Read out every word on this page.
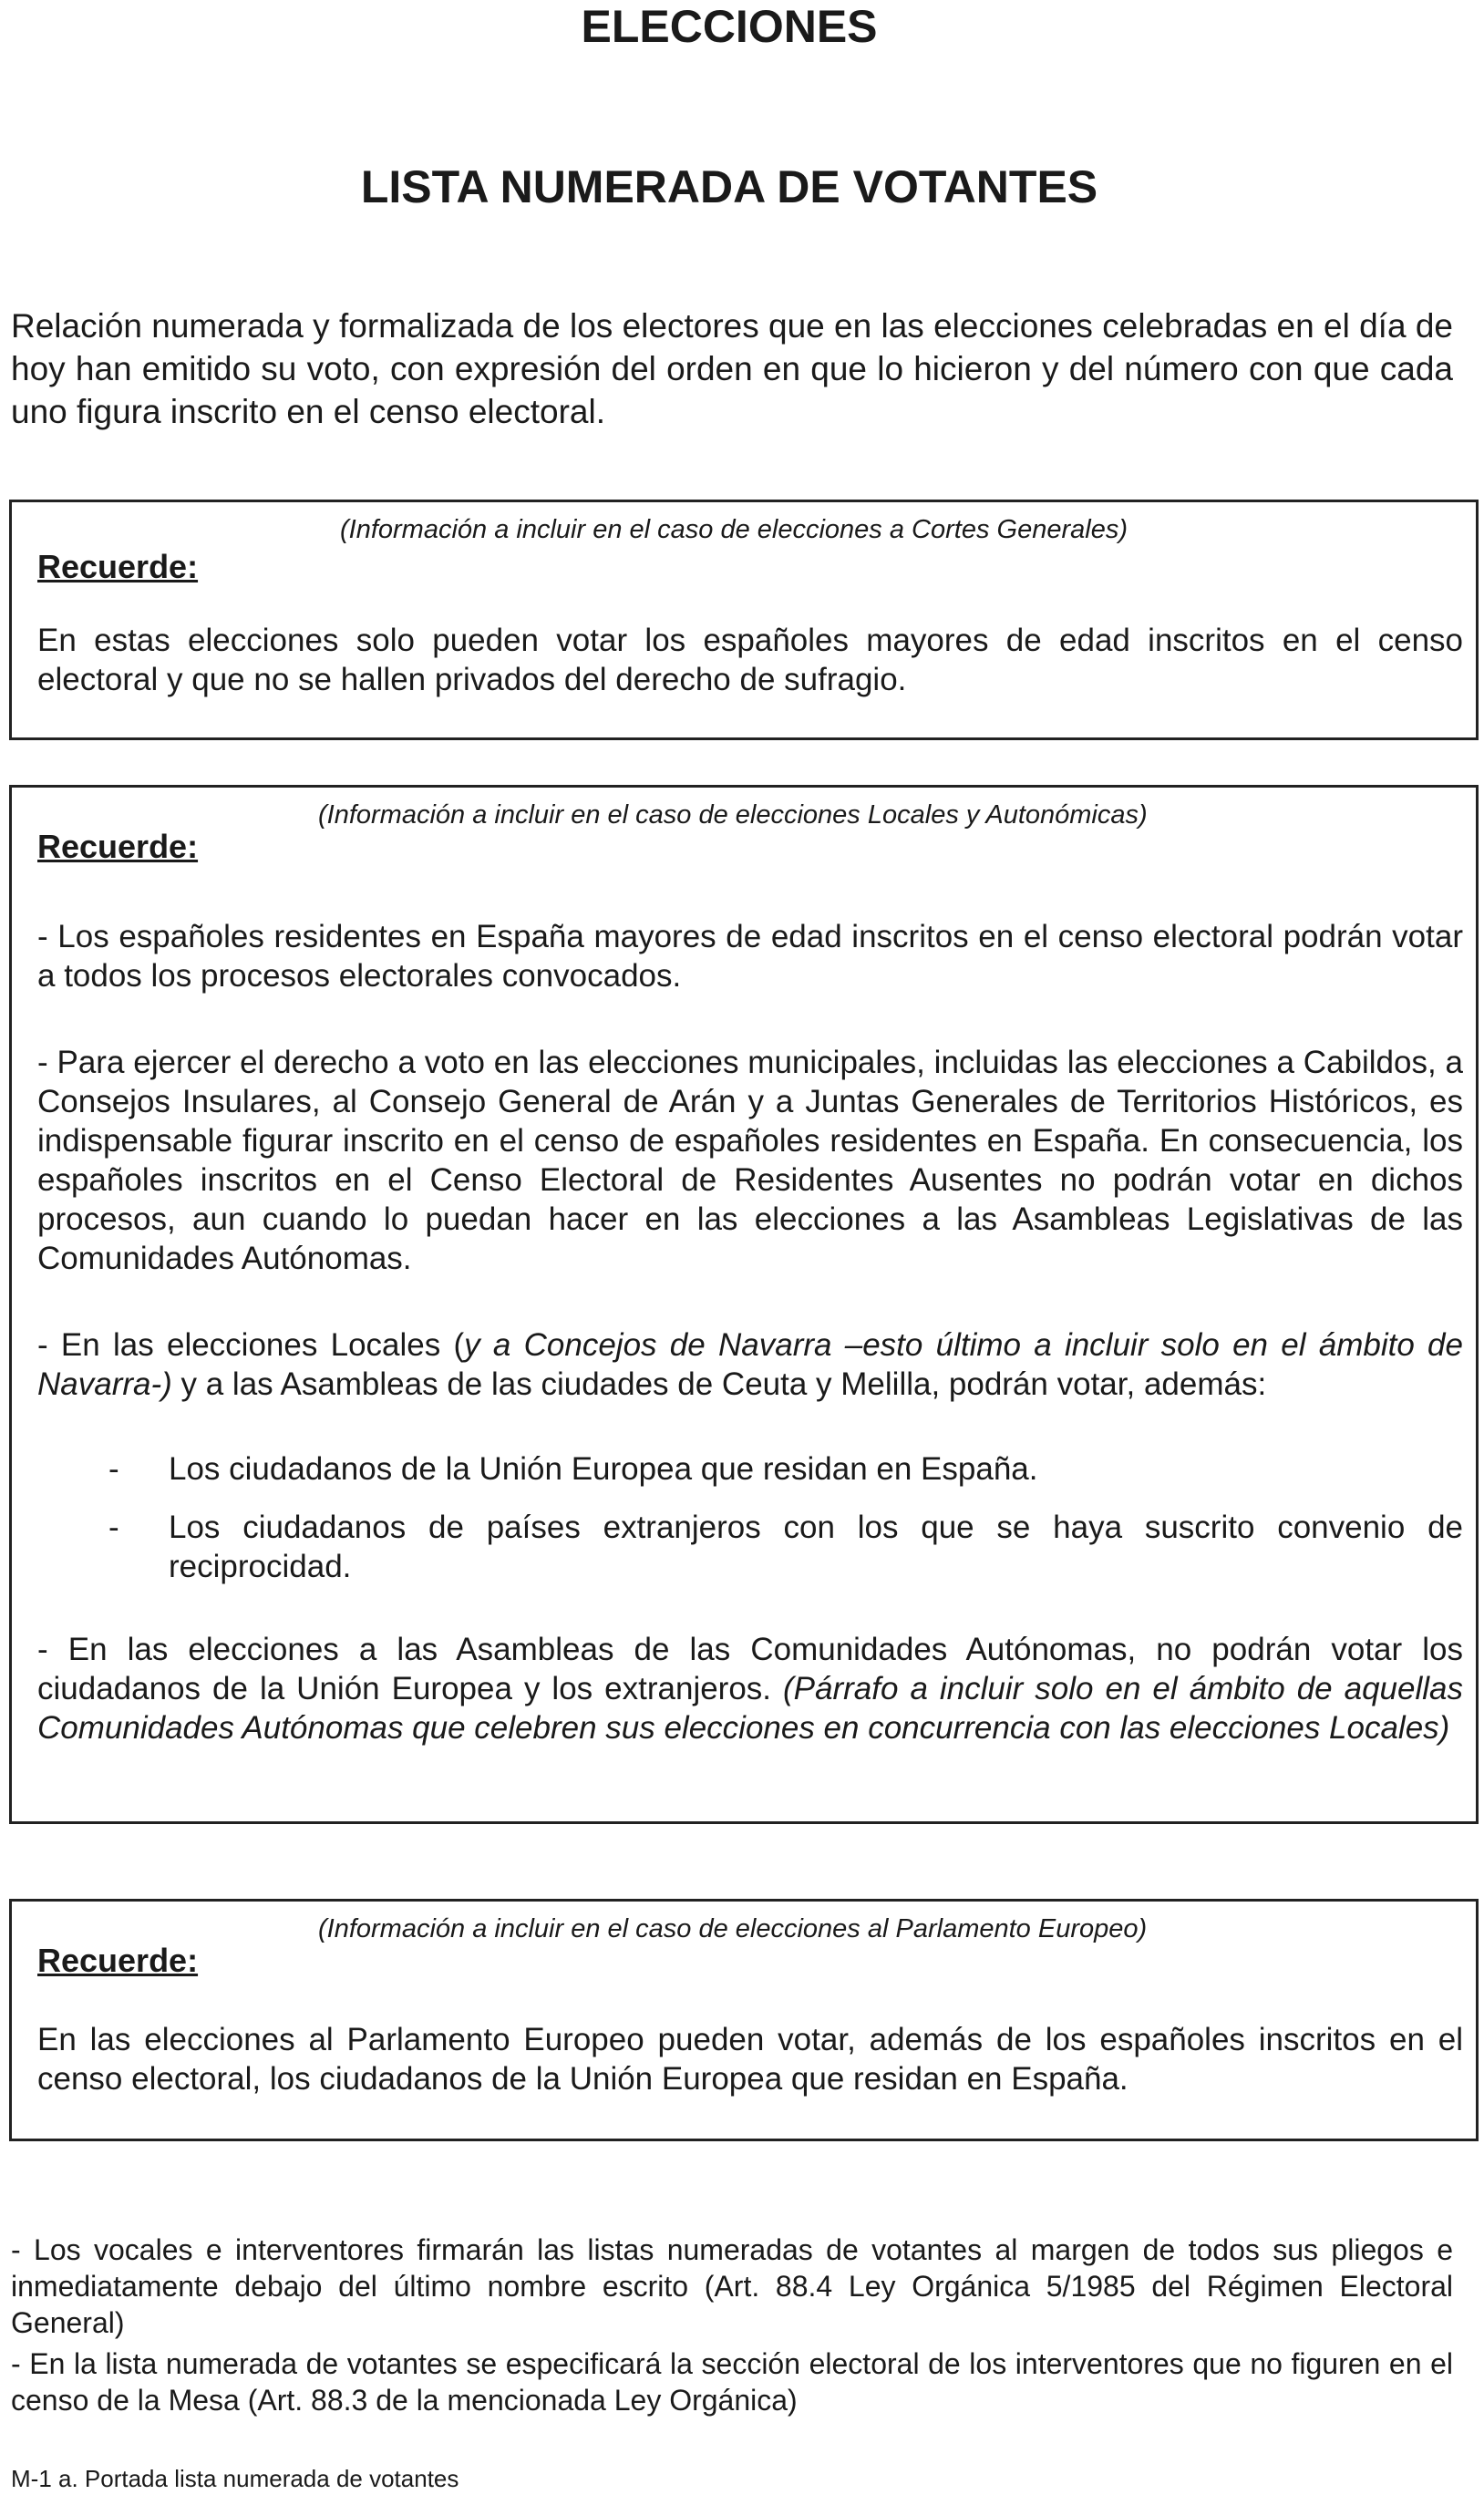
ELECCIONES
LISTA NUMERADA DE VOTANTES

Relación numerada y formalizada de los electores que en las elecciones celebradas en el día de hoy han emitido su voto, con expresión del orden en que lo hicieron y del número con que cada uno figura inscrito en el censo electoral.

(Información a incluir en el caso de elecciones a Cortes Generales)

Recuerde:

En estas elecciones solo pueden votar los españoles mayores de edad inscritos en el censo electoral y que no se hallen privados del derecho de sufragio.

(Información a incluir en el caso de elecciones Locales y Autonómicas)

Recuerde:

- Los españoles residentes en España mayores de edad inscritos en el censo electoral podrán votar a todos los procesos electorales convocados.

- Para ejercer el derecho a voto en las elecciones municipales, incluidas las elecciones a Cabildos, a Consejos Insulares, al Consejo General de Arán y a Juntas Generales de Territorios Históricos, es indispensable figurar inscrito en el censo de españoles residentes en España. En consecuencia, los españoles inscritos en el Censo Electoral de Residentes Ausentes no podrán votar en dichos procesos, aun cuando lo puedan hacer en las elecciones a las Asambleas Legislativas de las Comunidades Autónomas.

- En las elecciones Locales (y a Concejos de Navarra –esto último a incluir solo en el ámbito de Navarra-) y a las Asambleas de las ciudades de Ceuta y Melilla, podrán votar, además:

- Los ciudadanos de la Unión Europea que residan en España.

- Los ciudadanos de países extranjeros con los que se haya suscrito convenio de reciprocidad.

- En las elecciones a las Asambleas de las Comunidades Autónomas, no podrán votar los ciudadanos de la Unión Europea y los extranjeros. (Párrafo a incluir solo en el ámbito de aquellas Comunidades Autónomas que celebren sus elecciones en concurrencia con las elecciones Locales)

(Información a incluir en el caso de elecciones al Parlamento Europeo)

Recuerde:

En las elecciones al Parlamento Europeo pueden votar, además de los españoles inscritos en el censo electoral, los ciudadanos de la Unión Europea que residan en España.

- Los vocales e interventores firmarán las listas numeradas de votantes al margen de todos sus pliegos e inmediatamente debajo del último nombre escrito (Art. 88.4 Ley Orgánica 5/1985 del Régimen Electoral General)

- En la lista numerada de votantes se especificará la sección electoral de los interventores que no figuren en el censo de la Mesa (Art. 88.3 de la mencionada Ley Orgánica)

M-1 a. Portada lista numerada de votantes
